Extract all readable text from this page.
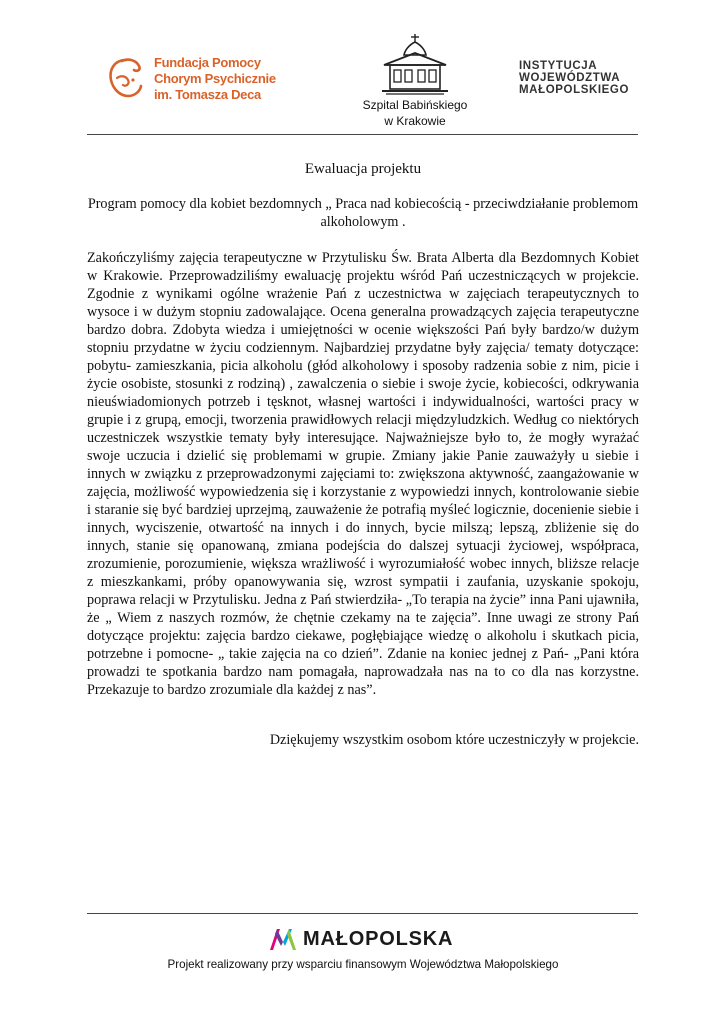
Fundacja Pomocy
Chorym Psychicznie
im. Tomasza Deca
Szpital Babińskiego
w Krakowie
INSTYTUCJA
WOJEWÓDZTWA
MAŁOPOLSKIEGO

Ewaluacja projektu

Program pomocy dla kobiet bezdomnych „ Praca nad kobiecością - przeciwdziałanie problemom alkoholowym .

Zakończyliśmy zajęcia terapeutyczne w Przytulisku Św. Brata Alberta dla Bezdomnych Kobiet w Krakowie. Przeprowadziliśmy ewaluację projektu wśród Pań uczestniczących w projekcie. Zgodnie z wynikami ogólne wrażenie Pań z uczestnictwa w zajęciach terapeutycznych to wysoce i w dużym stopniu zadowalające. Ocena generalna prowadzących zajęcia terapeutyczne bardzo dobra. Zdobyta wiedza i umiejętności w ocenie większości Pań były bardzo/w dużym stopniu przydatne w życiu codziennym. Najbardziej przydatne były zajęcia/ tematy dotyczące: pobytu- zamieszkania, picia alkoholu (głód alkoholowy i sposoby radzenia sobie z nim, picie i życie osobiste, stosunki z rodziną) , zawalczenia o siebie i swoje życie, kobiecości, odkrywania nieuświadomionych potrzeb i tęsknot, własnej wartości i indywidualności, wartości pracy w grupie i z grupą, emocji, tworzenia prawidłowych relacji międzyludzkich. Według co niektórych uczestniczek wszystkie tematy były interesujące. Najważniejsze było to, że mogły wyrażać swoje uczucia i dzielić się problemami w grupie. Zmiany jakie Panie zauważyły u siebie i innych w związku z przeprowadzonymi zajęciami to: zwiększona aktywność, zaangażowanie w zajęcia, możliwość wypowiedzenia się i korzystanie z wypowiedzi innych, kontrolowanie siebie i staranie się być bardziej uprzejmą, zauważenie że potrafią myśleć logicznie, docenienie siebie i innych, wyciszenie, otwartość na innych i do innych, bycie milszą; lepszą, zbliżenie się do innych, stanie się opanowaną, zmiana podejścia do dalszej sytuacji życiowej, współpraca, zrozumienie, porozumienie, większa wrażliwość i wyrozumiałość wobec innych, bliższe relacje z mieszkankami, próby opanowywania się, wzrost sympatii i zaufania, uzyskanie spokoju, poprawa relacji w Przytulisku. Jedna z Pań stwierdziła- „To terapia na życie” inna Pani ujawniła, że „ Wiem z naszych rozmów, że chętnie czekamy na te zajęcia”. Inne uwagi ze strony Pań dotyczące projektu: zajęcia bardzo ciekawe, pogłębiające wiedzę o alkoholu i skutkach picia, potrzebne i pomocne- „ takie zajęcia na co dzień”. Zdanie na koniec jednej z Pań- „Pani która prowadzi te spotkania bardzo nam pomagała, naprowadzała nas na to co dla nas korzystne. Przekazuje to bardzo zrozumiale dla każdej z nas”.

Dziękujemy wszystkim osobom które uczestniczyły w projekcie.
MAŁOPOLSKA
Projekt realizowany przy wsparciu finansowym Województwa Małopolskiego
